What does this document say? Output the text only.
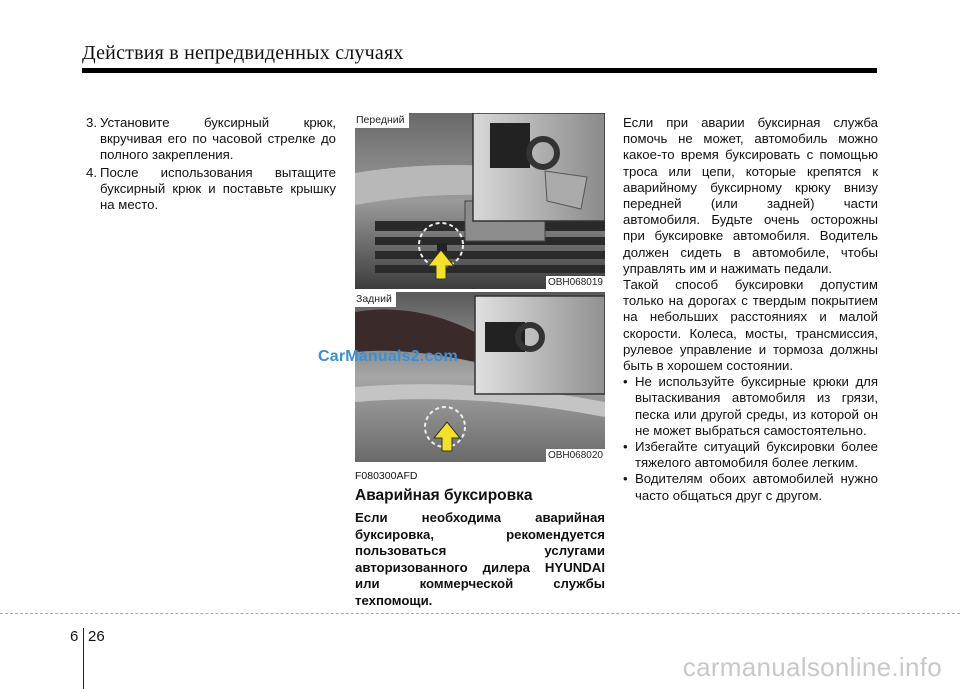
Действия в непредвиденных случаях
3. Установите буксирный крюк, вкручивая его по часовой стрелке до полного закрепления.
4. После использования вытащите буксирный крюк и поставьте крышку на место.
Передний
OBH068019
Задний
OBH068020
F080300AFD
Аварийная буксировка
Если необходима аварийная буксировка, рекомендуется пользоваться услугами авторизованного дилера HYUNDAI или коммерческой службы техпомощи.
Если при аварии буксирная служба помочь не может, автомобиль можно какое-то время буксировать с помощью троса или цепи, которые крепятся к аварийному буксирному крюку внизу передней (или задней) части автомобиля. Будьте очень осторожны при буксировке автомобиля. Водитель должен сидеть в автомобиле, чтобы управлять им и нажимать педали.
Такой способ буксировки допустим только на дорогах с твердым покрытием на небольших расстояниях и малой скорости. Колеса, мосты, трансмиссия, рулевое управление и тормоза должны быть в хорошем состоянии.
• Не используйте буксирные крюки для вытаскивания автомобиля из грязи, песка или другой среды, из которой он не может выбраться самостоятельно.
• Избегайте ситуаций буксировки более тяжелого автомобиля более легким.
• Водителям обоих автомобилей нужно часто общаться друг с другом.
CarManuals2.com
6 26
carmanualsonline.info
